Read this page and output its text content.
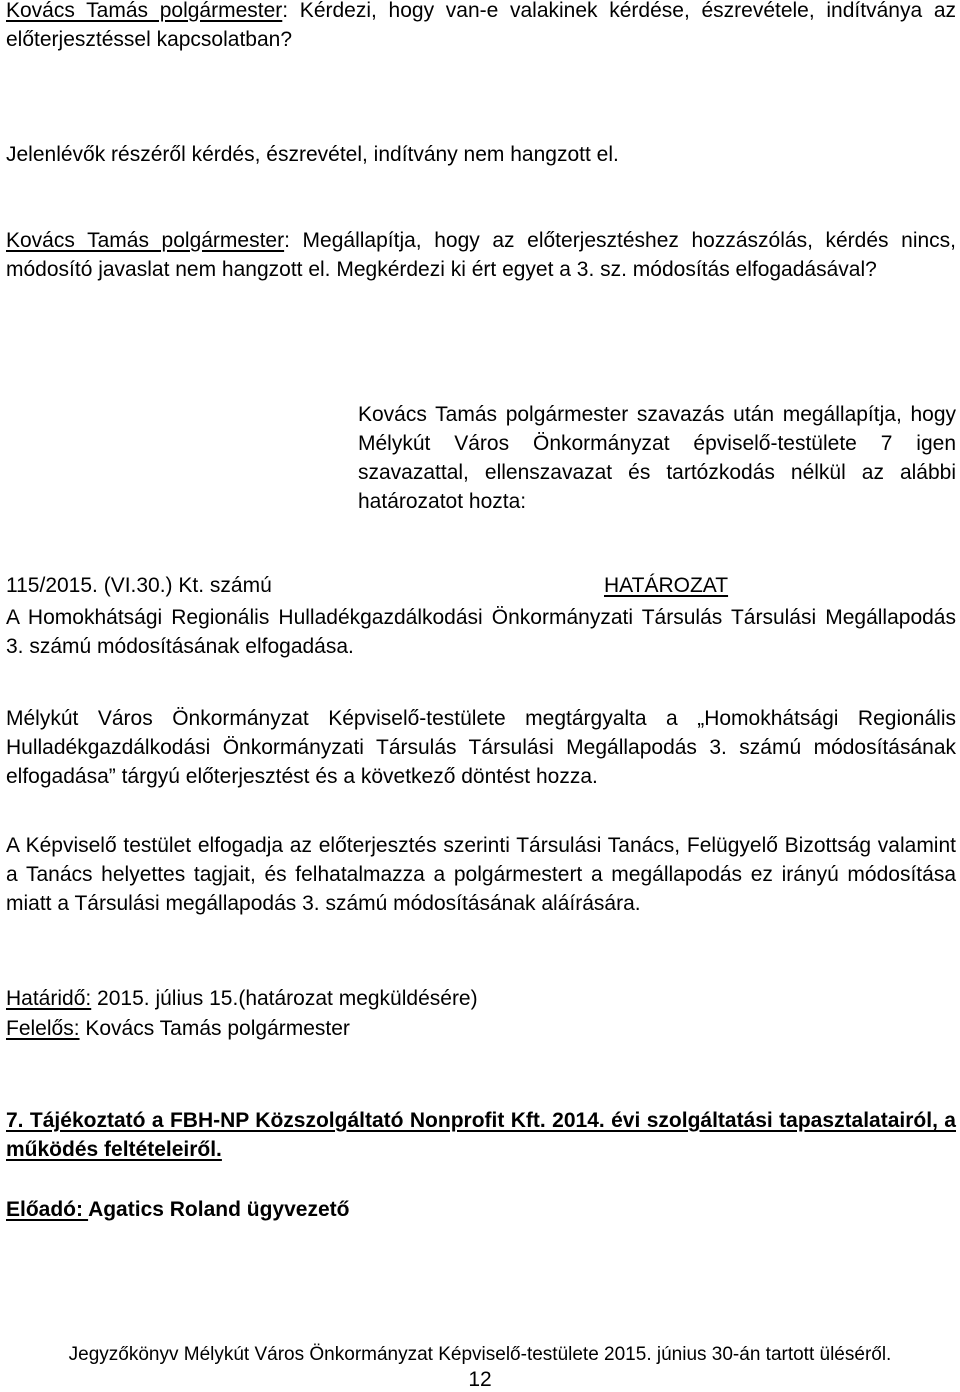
Kovács Tamás polgármester: Kérdezi, hogy van-e valakinek kérdése, észrevétele, indítványa az előterjesztéssel kapcsolatban?

Jelenlévők részéről kérdés, észrevétel, indítvány nem hangzott el.

Kovács Tamás polgármester: Megállapítja, hogy az előterjesztéshez hozzászólás, kérdés nincs, módosító javaslat nem hangzott el. Megkérdezi ki ért egyet a 3. sz. módosítás elfogadásával?

Kovács Tamás polgármester szavazás után megállapítja, hogy Mélykút Város Önkormányzat épviselő-testülete 7 igen szavazattal, ellenszavazat és tartózkodás nélkül az alábbi határozatot hozta:

115/2015. (VI.30.) Kt. számú	HATÁROZAT

A Homokhátsági Regionális Hulladékgazdálkodási Önkormányzati Társulás Társulási Megállapodás 3. számú módosításának elfogadása.

Mélykút Város Önkormányzat Képviselő-testülete megtárgyalta a „Homokhátsági Regionális Hulladékgazdálkodási Önkormányzati Társulás Társulási Megállapodás 3. számú módosításának elfogadása” tárgyú előterjesztést és a következő döntést hozza.

A Képviselő testület elfogadja az előterjesztés szerinti Társulási Tanács, Felügyelő Bizottság valamint a Tanács helyettes tagjait, és felhatalmazza a polgármestert a megállapodás ez irányú módosítása miatt a Társulási megállapodás 3. számú módosításának aláírására.

Határidő: 2015. július 15.(határozat megküldésére)

Felelős: Kovács Tamás polgármester

7. Tájékoztató a FBH-NP Közszolgáltató Nonprofit Kft. 2014. évi szolgáltatási tapasztalatairól, a működés feltételeiről.

Előadó: Agatics Roland ügyvezető

Jegyzőkönyv Mélykút Város Önkormányzat Képviselő-testülete 2015. június 30-án tartott üléséről.
12
